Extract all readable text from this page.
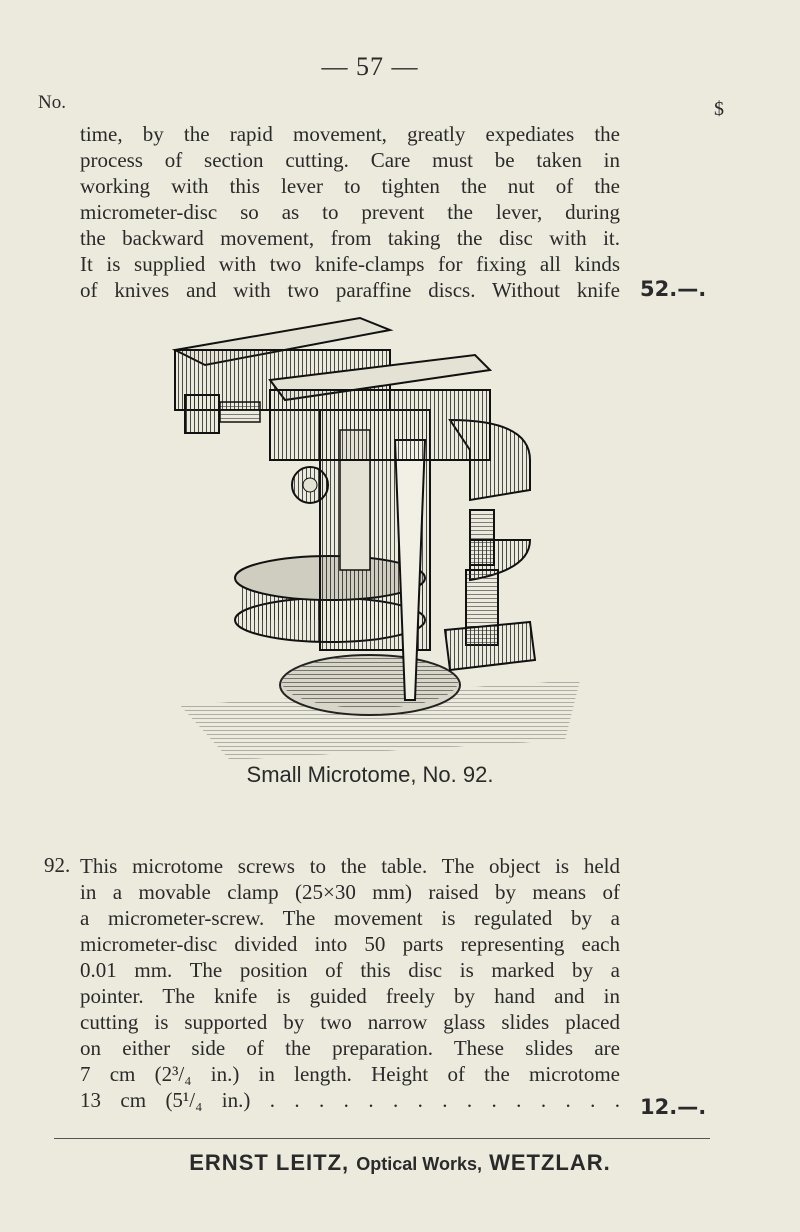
— 57 —
No.	$
time, by the rapid movement, greatly expediates the
process of section cutting. Care must be taken in
working with this lever to tighten the nut of the
micrometer-disc so as to prevent the lever, during
the backward movement, from taking the disc with it.
It is supplied with two knife-clamps for fixing all kinds
of knives and with two paraffine discs. Without knife 52.—.
Small Microtome, No. 92.
92. This microtome screws to the table. The object is held
in a movable clamp (25×30 mm) raised by means of
a micrometer-screw. The movement is regulated by a
micrometer-disc divided into 50 parts representing each
0.01 mm. The position of this disc is marked by a
pointer. The knife is guided freely by hand and in
cutting is supported by two narrow glass slides placed
on either side of the preparation. These slides are
7 cm (2³/₄ in.) in length. Height of the microtome
13 cm (5¹/₄ in.) . . . . . . . . . . . . . . . 12.—.
ERNST LEITZ, Optical Works, WETZLAR.
